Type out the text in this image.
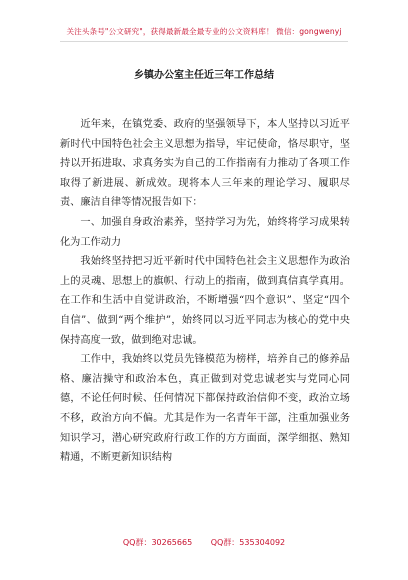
关注头条号"公文研究"，获得最新最全最专业的公文资料库！ 微信：gongwenyj
乡镇办公室主任近三年工作总结

近年来，在镇党委、政府的坚强领导下，本人坚持以习近平新时代中国特色社会主义思想为指导，牢记使命，恪尽职守，坚持以开拓进取、求真务实为自己的工作指南有力推动了各项工作取得了新进展、新成效。现将本人三年来的理论学习、履职尽责、廉洁自律等情况报告如下：

一、加强自身政治素养，坚持学习为先，始终将学习成果转化为工作动力

我始终坚持把习近平新时代中国特色社会主义思想作为政治上的灵魂、思想上的旗帜、行动上的指南，做到真信真学真用。在工作和生活中自觉讲政治，不断增强“四个意识”、坚定“四个自信”、做到“两个维护”，始终同以习近平同志为核心的党中央保持高度一致，做到绝对忠诚。

工作中，我始终以党员先锋模范为榜样，培养自己的修养品格、廉洁操守和政治本色，真正做到对党忠诚老实与党同心同德，不论任何时候、任何情况下都保持政治信仰不变，政治立场不移，政治方向不偏。尤其是作为一名青年干部，注重加强业务知识学习，潜心研究政府行政工作的方方面面，深学细抠、熟知精通，不断更新知识结构

QQ群：30265665 QQ群：535304092
